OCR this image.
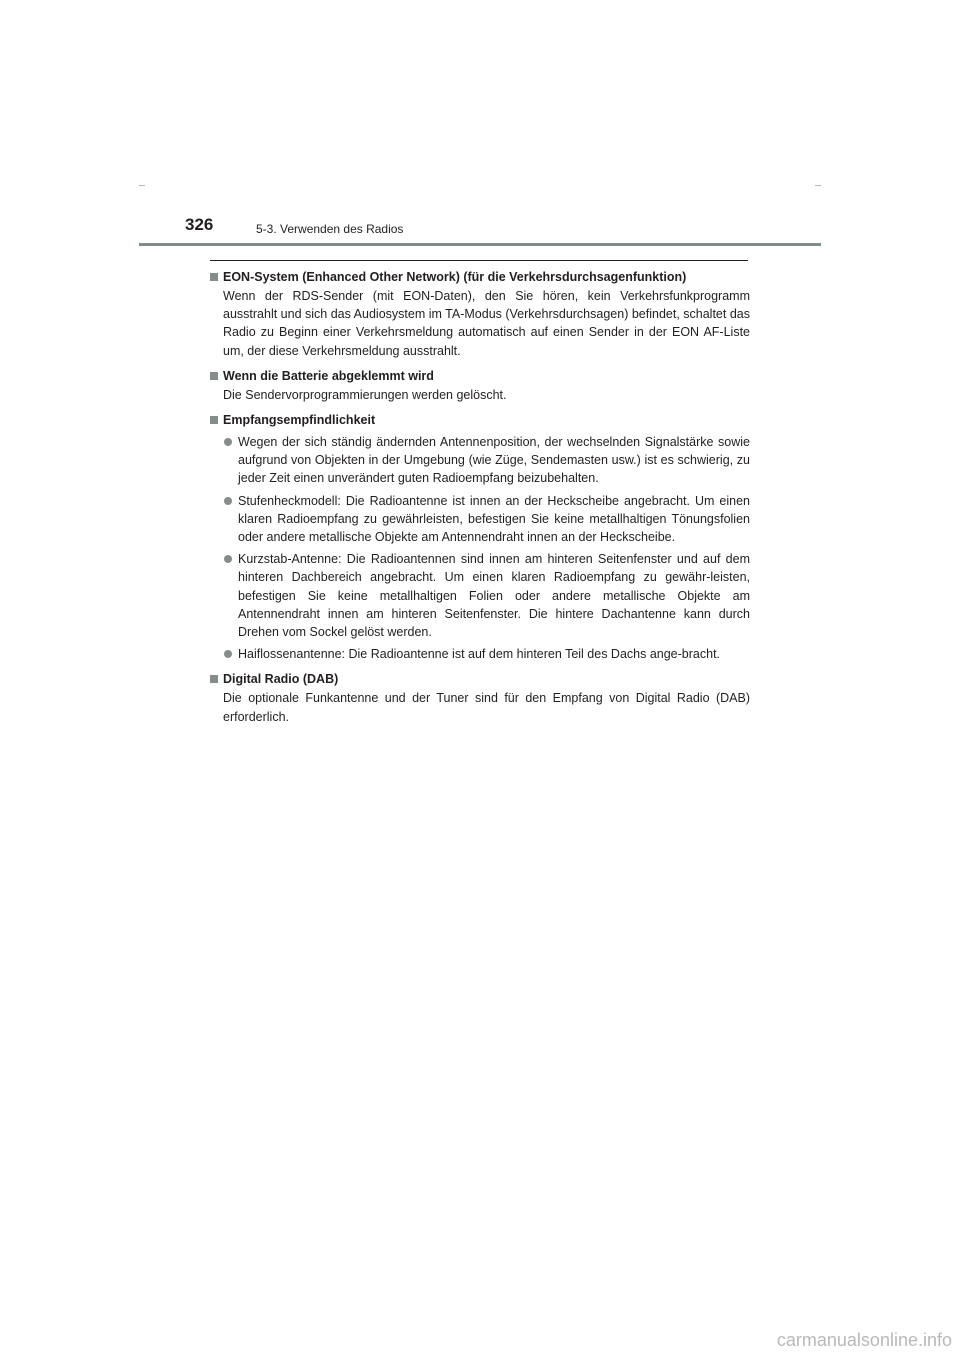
326	5-3. Verwenden des Radios
EON-System (Enhanced Other Network) (für die Verkehrsdurchsagenfunktion)
Wenn der RDS-Sender (mit EON-Daten), den Sie hören, kein Verkehrsfunkprogramm ausstrahlt und sich das Audiosystem im TA-Modus (Verkehrsdurchsagen) befindet, schaltet das Radio zu Beginn einer Verkehrsmeldung automatisch auf einen Sender in der EON AF-Liste um, der diese Verkehrsmeldung ausstrahlt.
Wenn die Batterie abgeklemmt wird
Die Sendervorprogrammierungen werden gelöscht.
Empfangsempfindlichkeit
Wegen der sich ständig ändernden Antennenposition, der wechselnden Signalstärke sowie aufgrund von Objekten in der Umgebung (wie Züge, Sendemasten usw.) ist es schwierig, zu jeder Zeit einen unverändert guten Radioempfang beizubehalten.
Stufenheckmodell: Die Radioantenne ist innen an der Heckscheibe angebracht. Um einen klaren Radioempfang zu gewährleisten, befestigen Sie keine metallhaltigen Tönungsfolien oder andere metallische Objekte am Antennendraht innen an der Heckscheibe.
Kurzstab-Antenne: Die Radioantennen sind innen am hinteren Seitenfenster und auf dem hinteren Dachbereich angebracht. Um einen klaren Radioempfang zu gewähr-leisten, befestigen Sie keine metallhaltigen Folien oder andere metallische Objekte am Antennendraht innen am hinteren Seitenfenster. Die hintere Dachantenne kann durch Drehen vom Sockel gelöst werden.
Haiflossenantenne: Die Radioantenne ist auf dem hinteren Teil des Dachs ange-bracht.
Digital Radio (DAB)
Die optionale Funkantenne und der Tuner sind für den Empfang von Digital Radio (DAB) erforderlich.
carmanualsonline.info
